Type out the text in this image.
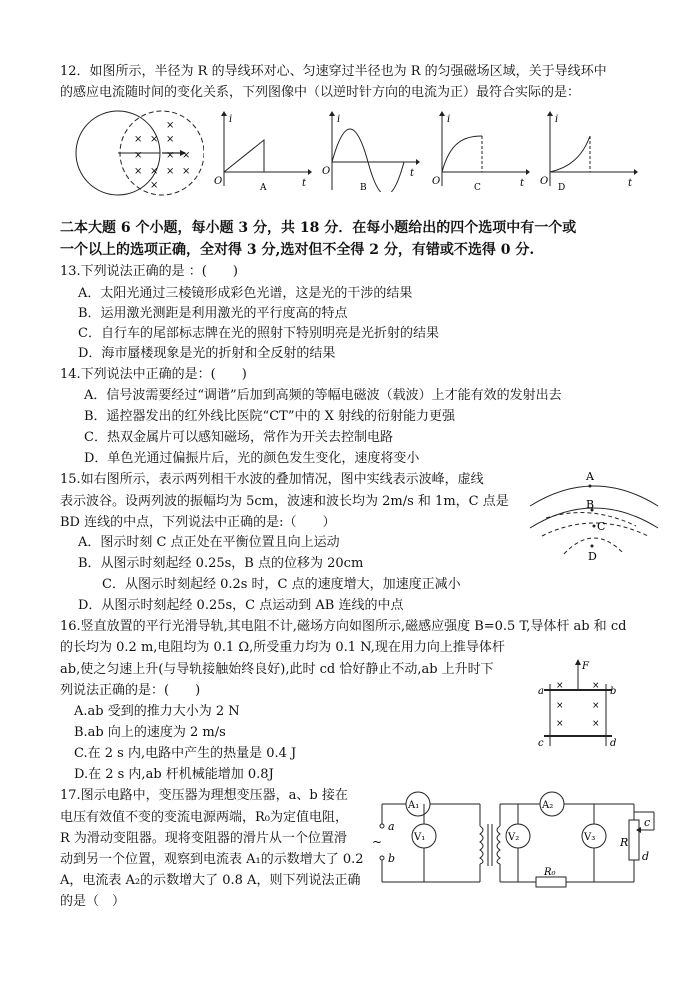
12．如图所示，半径为 R 的导线环对心、匀速穿过半径也为 R 的匀强磁场区域，关于导线环中
的感应电流随时间的变化关系，下列图像中（以逆时针方向的电流为正）最符合实际的是：
× × ×
× × ×
× × ×
×
×
×
i
t
O
A
i
t
O
B
i
t
O
C
i
t
O
D
二本大题 6 个小题，每小题 3 分，共 18 分．在每小题给出的四个选项中有一个或
一个以上的选项正确，全对得 3 分,选对但不全得 2 分，有错或不选得 0 分.
13.下列说法正确的是 ：(　　)
A．太阳光通过三棱镜形成彩色光谱，这是光的干涉的结果
B．运用激光测距是利用激光的平行度高的特点
C．自行车的尾部标志牌在光的照射下特别明亮是光折射的结果
D．海市蜃楼现象是光的折射和全反射的结果
14.下列说法中正确的是：(　　)
A．信号波需要经过“调谐”后加到高频的等幅电磁波（载波）上才能有效的发射出去
B．遥控器发出的红外线比医院“CT”中的 X 射线的衍射能力更强
C．热双金属片可以感知磁场，常作为开关去控制电路
D．单色光通过偏振片后，光的颜色发生变化，速度将变小
15.如右图所示，表示两列相干水波的叠加情况，图中实线表示波峰，虚线
表示波谷。设两列波的振幅均为 5cm，波速和波长均为 2m/s 和 1m，C 点是
BD 连线的中点，下列说法中正确的是:（　　）
A．图示时刻 C 点正处在平衡位置且向上运动
B．从图示时刻起经 0.25s，B 点的位移为 20cm
C．从图示时刻起经 0.2s 时，C 点的速度增大，加速度正减小
D．从图示时刻起经 0.25s，C 点运动到 AB 连线的中点
A
B
C
D
16.竖直放置的平行光滑导轨,其电阻不计,磁场方向如图所示,磁感应强度 B=0.5 T,导体杆 ab 和 cd
的长均为 0.2 m,电阻均为 0.1 Ω,所受重力均为 0.1 N,现在用力向上推导体杆
ab,使之匀速上升(与导轨接触始终良好),此时 cd 恰好静止不动,ab 上升时下
列说法正确的是：(　　)
A.ab 受到的推力大小为 2 N
B.ab 向上的速度为 2 m/s
C.在 2 s 内,电路中产生的热量是 0.4 J
D.在 2 s 内,ab 杆机械能增加 0.8J
F
a	b
c	d
×	×
×	×
×	×
17.图示电路中，变压器为理想变压器，a、b 接在
电压有效值不变的变流电源两端，R₀为定值电阻，
R 为滑动变阻器。现将变阻器的滑片从一个位置滑
动到另一个位置，观察到电流表 A₁的示数增大了 0.2
A，电流表 A₂的示数增大了 0.8 A，则下列说法正确
的是（　）
A₁
V₁
a
b
~
A₂
R₀
V₂	V₃ R
c
d
